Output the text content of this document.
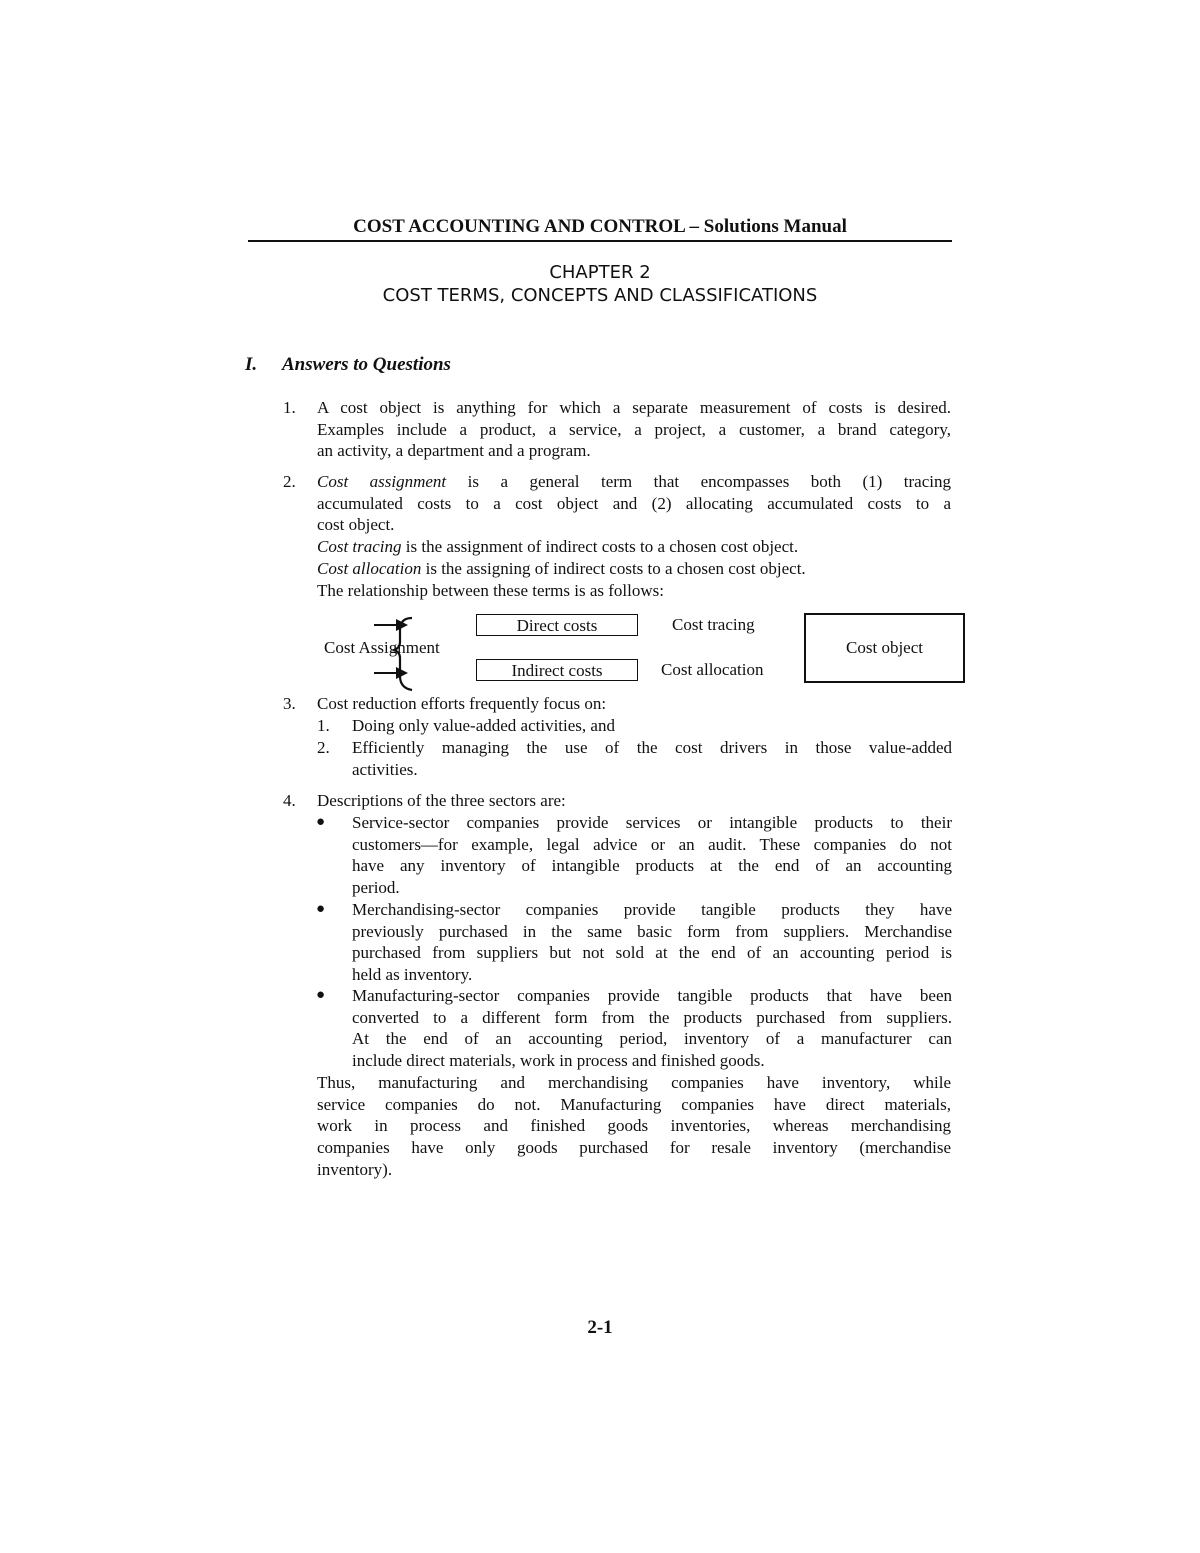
COST ACCOUNTING AND CONTROL – Solutions Manual
CHAPTER 2
COST TERMS, CONCEPTS AND CLASSIFICATIONS
I. Answers to Questions
1.	A cost object is anything for which a separate measurement of costs is desired.
Examples include a product, a service, a project, a customer, a brand category,
an activity, a department and a program.
2.	Cost assignment is a general term that encompasses both (1) tracing
accumulated costs to a cost object and (2) allocating accumulated costs to a
cost object.
Cost tracing is the assignment of indirect costs to a chosen cost object.
Cost allocation is the assigning of indirect costs to a chosen cost object.
The relationship between these terms is as follows:
Cost Assignment
Direct costs
Indirect costs
Cost tracing
Cost allocation
Cost object
3.	Cost reduction efforts frequently focus on:
1.	Doing only value-added activities, and
2.	Efficiently managing the use of the cost drivers in those value-added
activities.
4.	Descriptions of the three sectors are:
● Service-sector companies provide services or intangible products to their
customers—for example, legal advice or an audit. These companies do not
have any inventory of intangible products at the end of an accounting
period.
● Merchandising-sector companies provide tangible products they have
previously purchased in the same basic form from suppliers. Merchandise
purchased from suppliers but not sold at the end of an accounting period is
held as inventory.
● Manufacturing-sector companies provide tangible products that have been
converted to a different form from the products purchased from suppliers.
At the end of an accounting period, inventory of a manufacturer can
include direct materials, work in process and finished goods.
Thus, manufacturing and merchandising companies have inventory, while
service companies do not. Manufacturing companies have direct materials,
work in process and finished goods inventories, whereas merchandising
companies have only goods purchased for resale inventory (merchandise
inventory).
2-1
